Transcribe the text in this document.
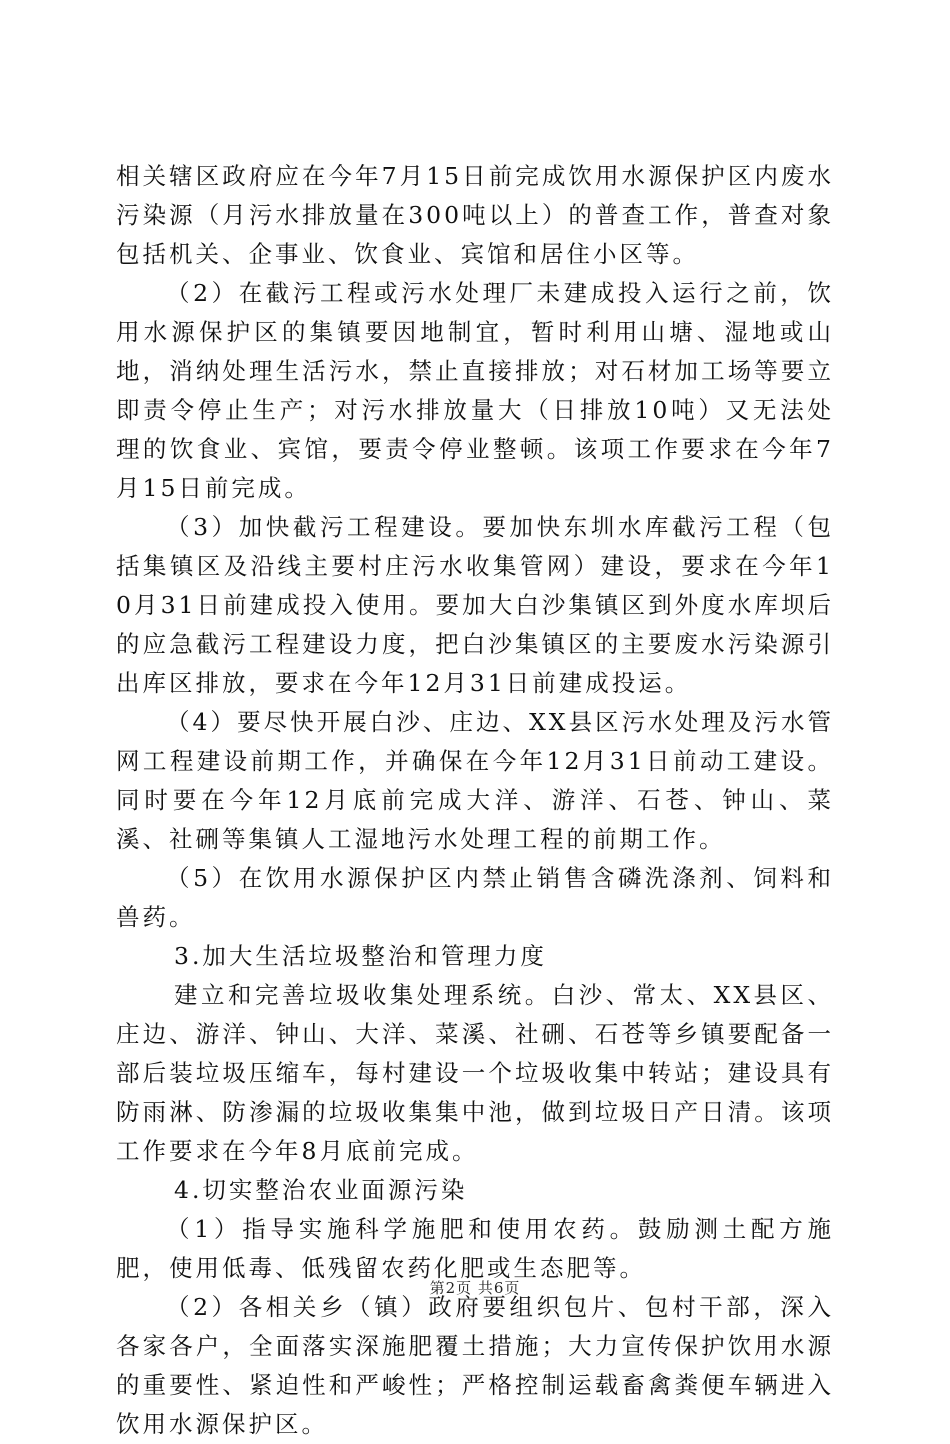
相关辖区政府应在今年7月15日前完成饮用水源保护区内废水污染源（月污水排放量在300吨以上）的普查工作，普查对象包括机关、企事业、饮食业、宾馆和居住小区等。

（2）在截污工程或污水处理厂未建成投入运行之前，饮用水源保护区的集镇要因地制宜，暂时利用山塘、湿地或山地，消纳处理生活污水，禁止直接排放；对石材加工场等要立即责令停止生产；对污水排放量大（日排放10吨）又无法处理的饮食业、宾馆，要责令停业整顿。该项工作要求在今年7月15日前完成。

（3）加快截污工程建设。要加快东圳水库截污工程（包括集镇区及沿线主要村庄污水收集管网）建设，要求在今年10月31日前建成投入使用。要加大白沙集镇区到外度水库坝后的应急截污工程建设力度，把白沙集镇区的主要废水污染源引出库区排放，要求在今年12月31日前建成投运。

（4）要尽快开展白沙、庄边、XX县区污水处理及污水管网工程建设前期工作，并确保在今年12月31日前动工建设。同时要在今年12月底前完成大洋、游洋、石苍、钟山、菜溪、社硎等集镇人工湿地污水处理工程的前期工作。

（5）在饮用水源保护区内禁止销售含磷洗涤剂、饲料和兽药。

3.加大生活垃圾整治和管理力度

建立和完善垃圾收集处理系统。白沙、常太、XX县区、庄边、游洋、钟山、大洋、菜溪、社硎、石苍等乡镇要配备一部后装垃圾压缩车，每村建设一个垃圾收集中转站；建设具有防雨淋、防渗漏的垃圾收集集中池，做到垃圾日产日清。该项工作要求在今年8月底前完成。

4.切实整治农业面源污染

（1）指导实施科学施肥和使用农药。鼓励测土配方施肥，使用低毒、低残留农药化肥或生态肥等。

（2）各相关乡（镇）政府要组织包片、包村干部，深入各家各户，全面落实深施肥覆土措施；大力宣传保护饮用水源的重要性、紧迫性和严峻性；严格控制运载畜禽粪便车辆进入饮用水源保护区。

第2页 共6页
